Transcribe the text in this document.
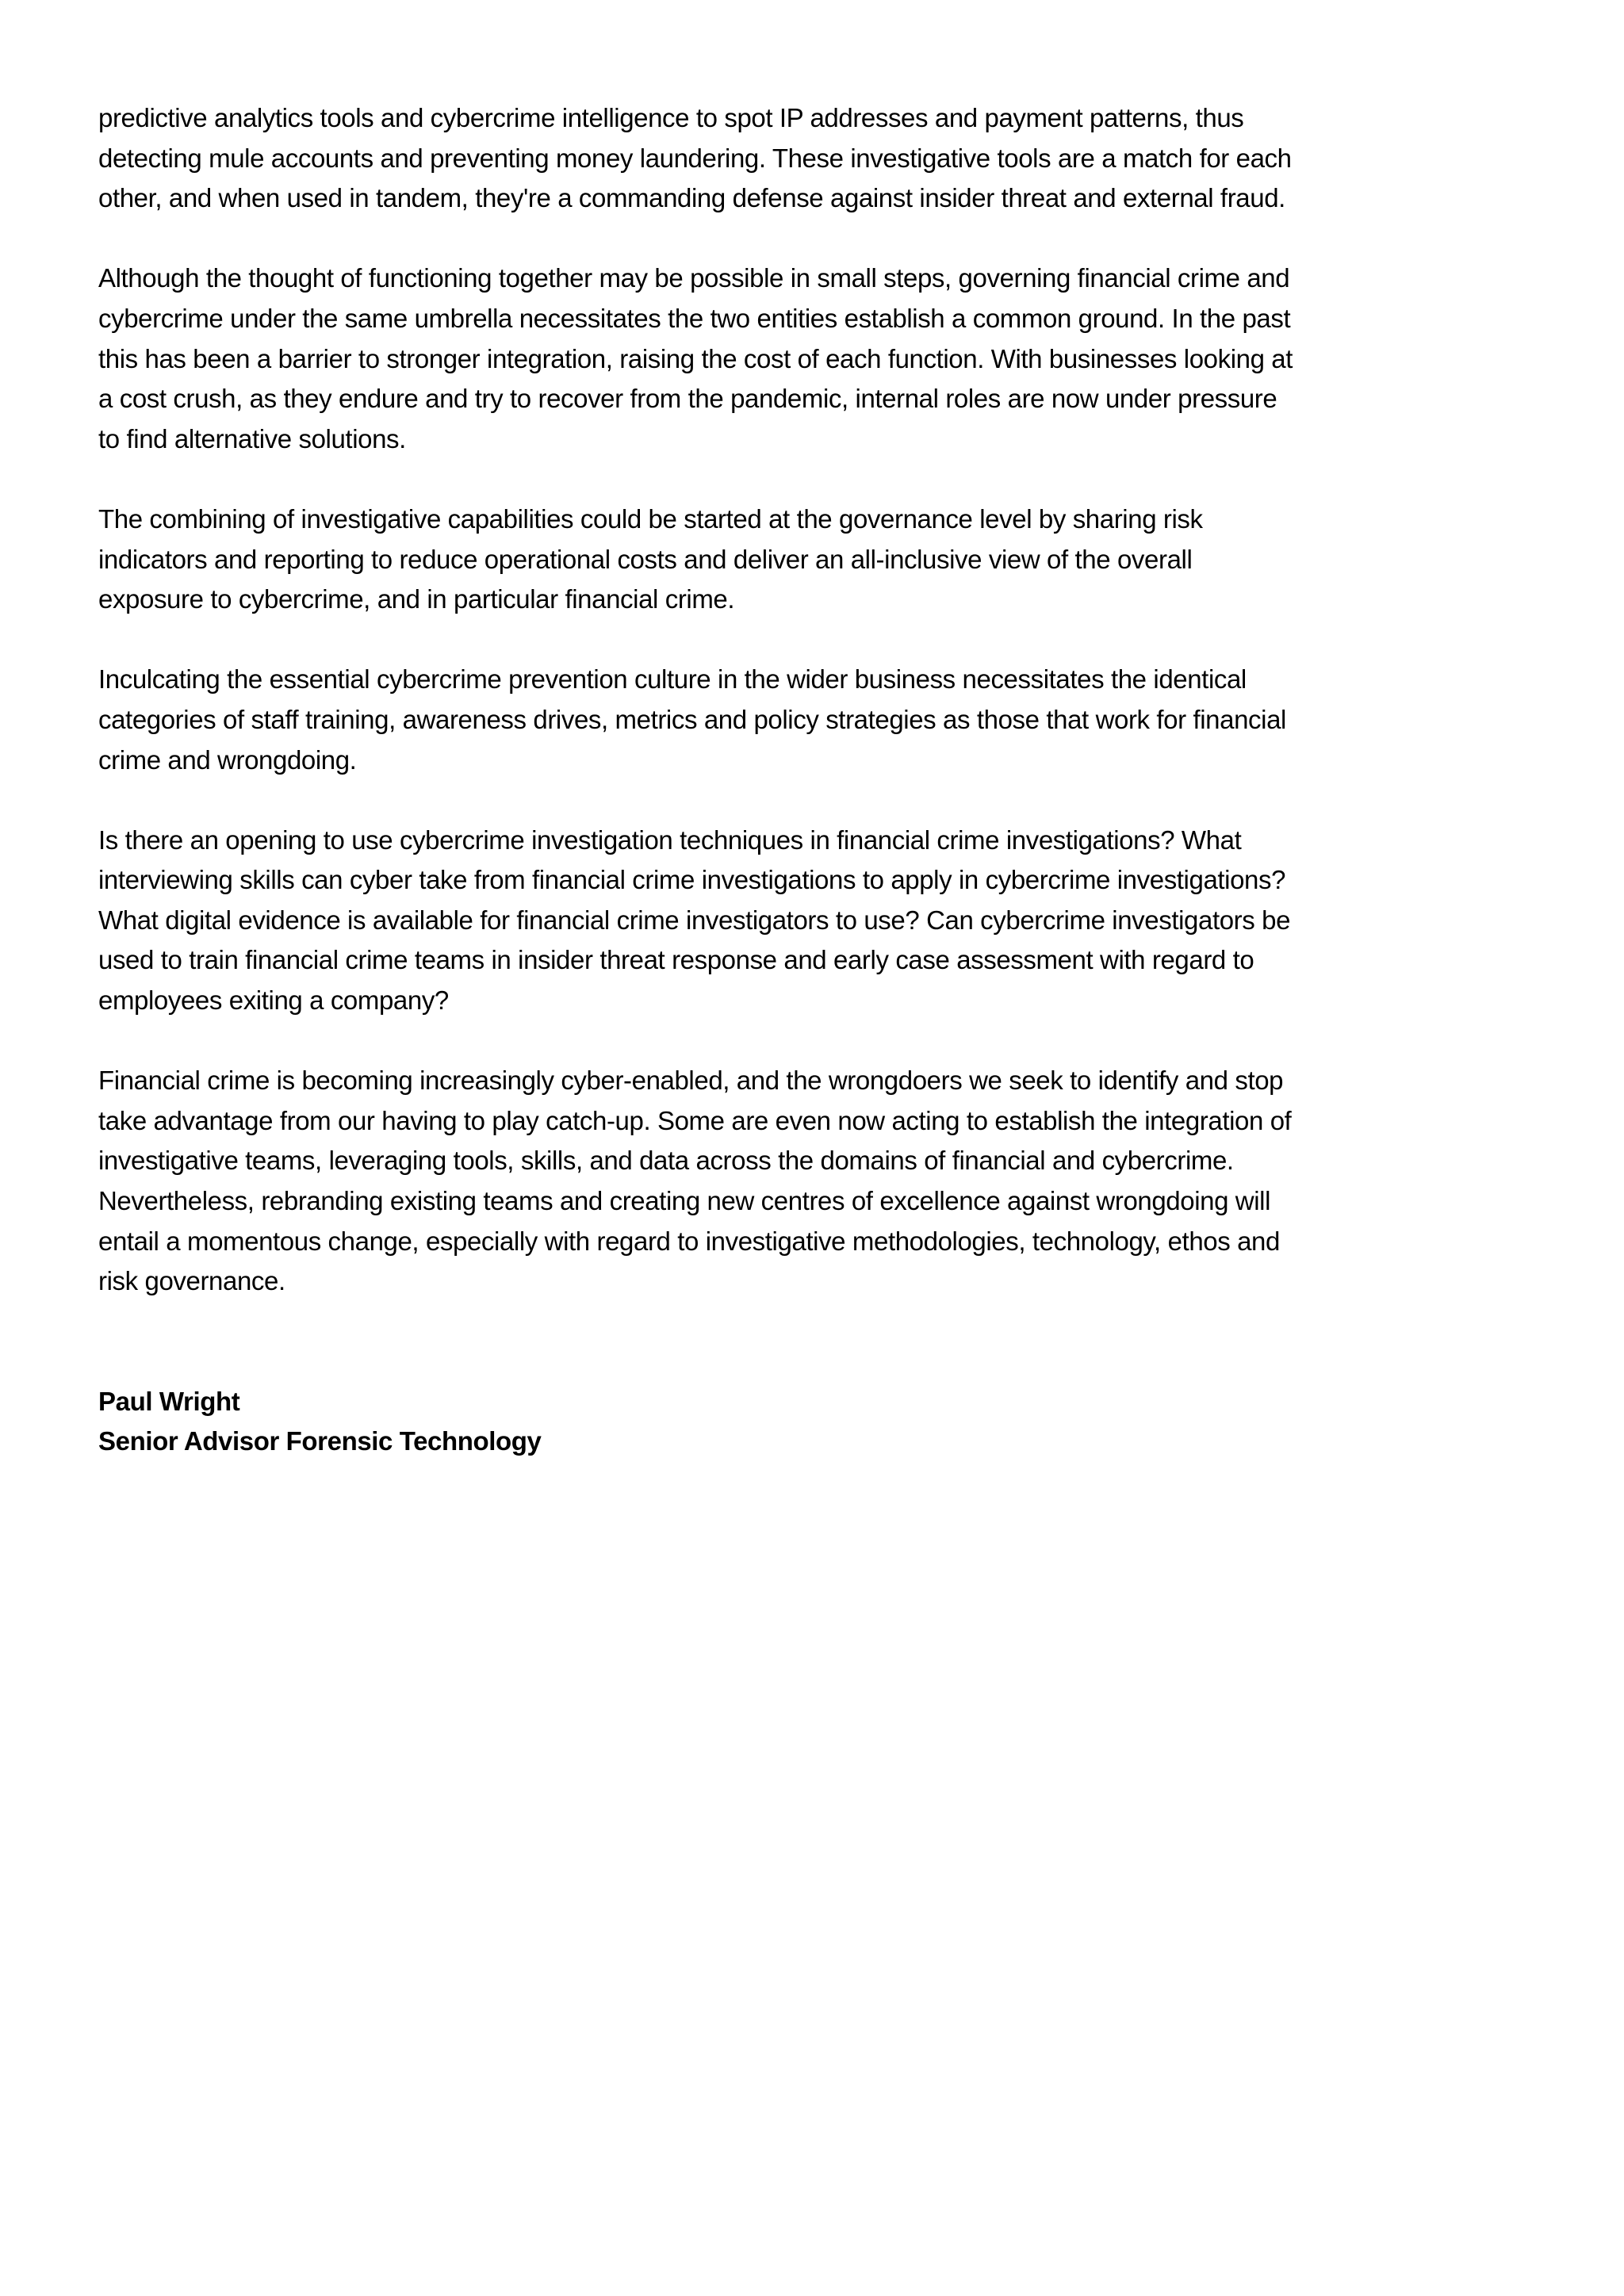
predictive analytics tools and cybercrime intelligence to spot IP addresses and payment patterns, thus
detecting mule accounts and preventing money laundering. These investigative tools are a match for each
other, and when used in tandem, they're a commanding defense against insider threat and external fraud.

Although the thought of functioning together may be possible in small steps, governing financial crime and
cybercrime under the same umbrella necessitates the two entities establish a common ground. In the past
this has been a barrier to stronger integration, raising the cost of each function. With businesses looking at
a cost crush, as they endure and try to recover from the pandemic, internal roles are now under pressure
to find alternative solutions.

The combining of investigative capabilities could be started at the governance level by sharing risk
indicators and reporting to reduce operational costs and deliver an all-inclusive view of the overall
exposure to cybercrime, and in particular financial crime.

Inculcating the essential cybercrime prevention culture in the wider business necessitates the identical
categories of staff training, awareness drives, metrics and policy strategies as those that work for financial
crime and wrongdoing.

Is there an opening to use cybercrime investigation techniques in financial crime investigations? What
interviewing skills can cyber take from financial crime investigations to apply in cybercrime investigations?
What digital evidence is available for financial crime investigators to use? Can cybercrime investigators be
used to train financial crime teams in insider threat response and early case assessment with regard to
employees exiting a company?

Financial crime is becoming increasingly cyber-enabled, and the wrongdoers we seek to identify and stop
take advantage from our having to play catch-up. Some are even now acting to establish the integration of
investigative teams, leveraging tools, skills, and data across the domains of financial and cybercrime.
Nevertheless, rebranding existing teams and creating new centres of excellence against wrongdoing will
entail a momentous change, especially with regard to investigative methodologies, technology, ethos and
risk governance.

Paul Wright
Senior Advisor Forensic Technology
